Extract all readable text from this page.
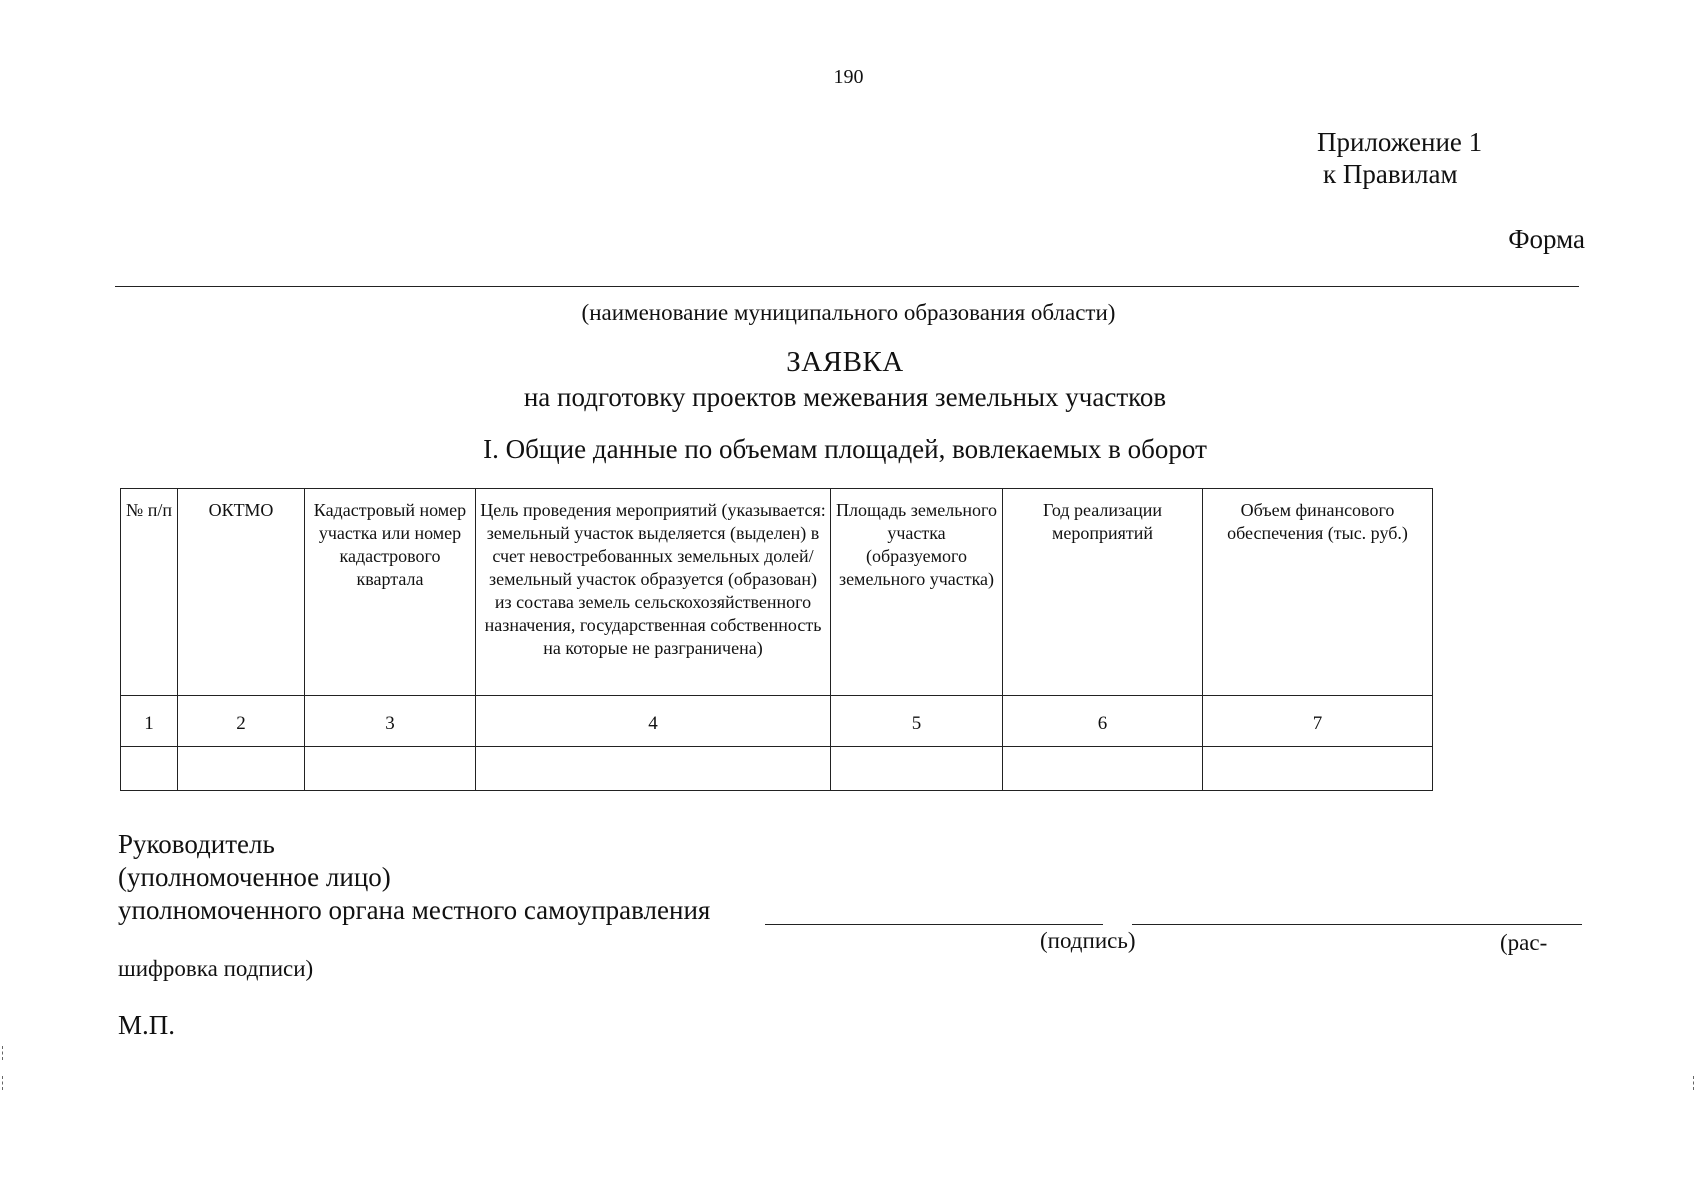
190
Приложение 1
к Правилам
Форма
(наименование муниципального образования области)
ЗАЯВКА
на подготовку проектов межевания земельных участков
I. Общие данные по объемам площадей, вовлекаемых в оборот
№ п/п	ОКТМО	Кадастровый номер участка или номер кадастрового квартала	Цель проведения мероприятий (указывается: земельный участок выделяется (выделен) в счет невостребованных земельных долей/земельный участок образуется (образован) из состава земель сельскохозяйственного назначения, государственная собственность на которые не разграничена)	Площадь земельного участка (образуемого земельного участка)	Год реализации мероприятий	Объем финансового обеспечения (тыс. руб.)
1	2	3	4	5	6	7

Руководитель
(уполномоченное лицо)
уполномоченного органа местного самоуправления
(подпись)	(рас-
шифровка подписи)
М.П.
